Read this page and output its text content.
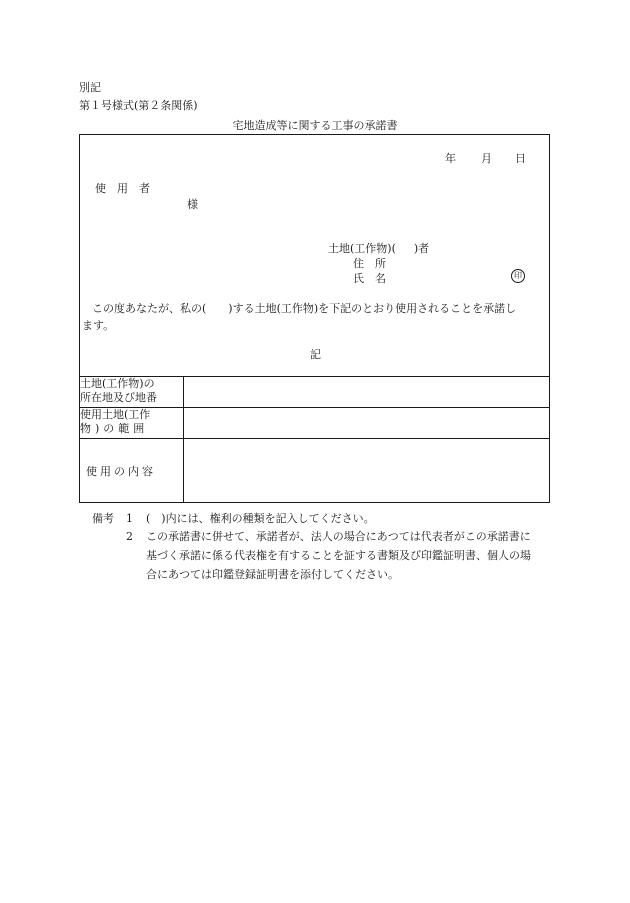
別記
第１号様式(第２条関係)
宅地造成等に関する工事の承諾書
年 月 日
使　用　者
様
土地(工作物)( )者
住　所
氏　名	印
この度あなたが、私の(　　)する土地(工作物)を下記のとおり使用されることを承諾し
ます。
記
土地(工作物)の
所在地及び地番
使用土地(工作
物)の範囲
使用の内容
備考 1 (　)内には、権利の種類を記入してください。
2 この承諾書に併せて、承諾者が、法人の場合にあつては代表者がこの承諾書に
基づく承諾に係る代表権を有することを証する書類及び印鑑証明書、個人の場
合にあつては印鑑登録証明書を添付してください。
